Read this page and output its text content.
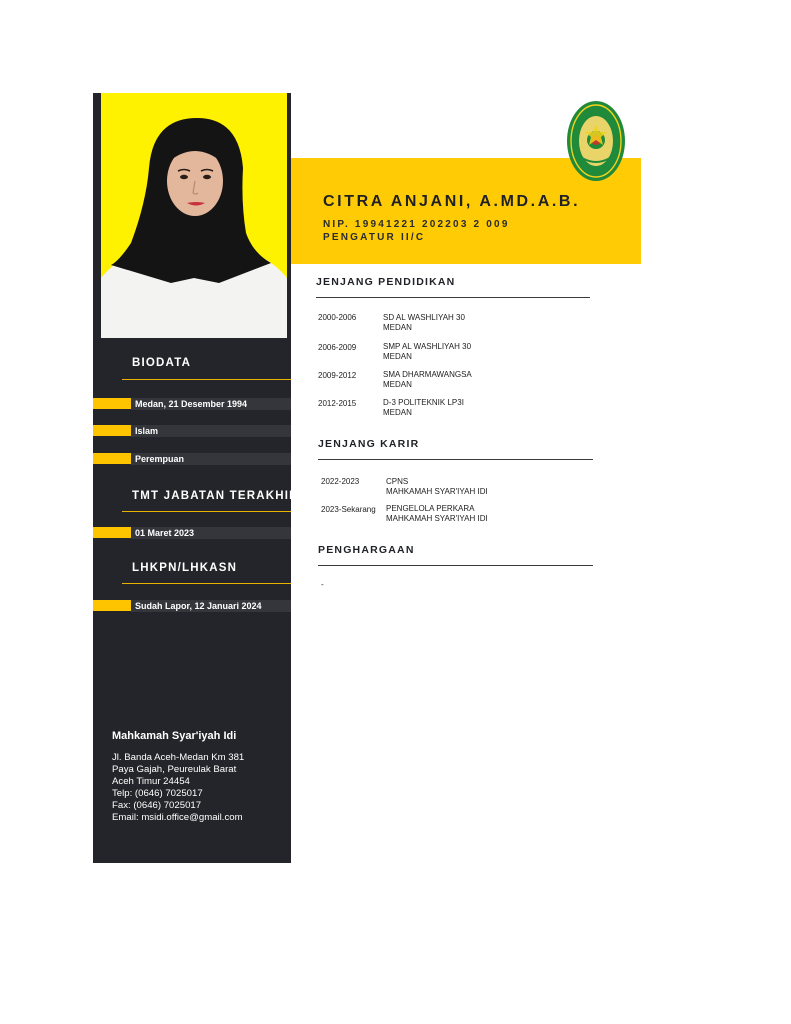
BIODATA
Medan, 21 Desember 1994
Islam
Perempuan
TMT JABATAN TERAKHIR
01 Maret 2023
LHKPN/LHKASN
Sudah Lapor, 12 Januari 2024
Mahkamah Syar'iyah Idi
Jl. Banda Aceh-Medan Km 381
Paya Gajah, Peureulak Barat
Aceh Timur 24454
Telp: (0646) 7025017
Fax: (0646) 7025017
Email: msidi.office@gmail.com
CITRA ANJANI, A.MD.A.B.
NIP. 19941221 202203 2 009
PENGATUR II/C
JENJANG PENDIDIKAN
2000-2006	SD AL WASHLIYAH 30
MEDAN
2006-2009	SMP AL WASHLIYAH 30
MEDAN
2009-2012	SMA DHARMAWANGSA
MEDAN
2012-2015	D-3 POLITEKNIK LP3I
MEDAN
JENJANG KARIR
2022-2023	CPNS
MAHKAMAH SYAR'IYAH IDI
2023-Sekarang PENGELOLA PERKARA
MAHKAMAH SYAR'IYAH IDI
PENGHARGAAN
-
